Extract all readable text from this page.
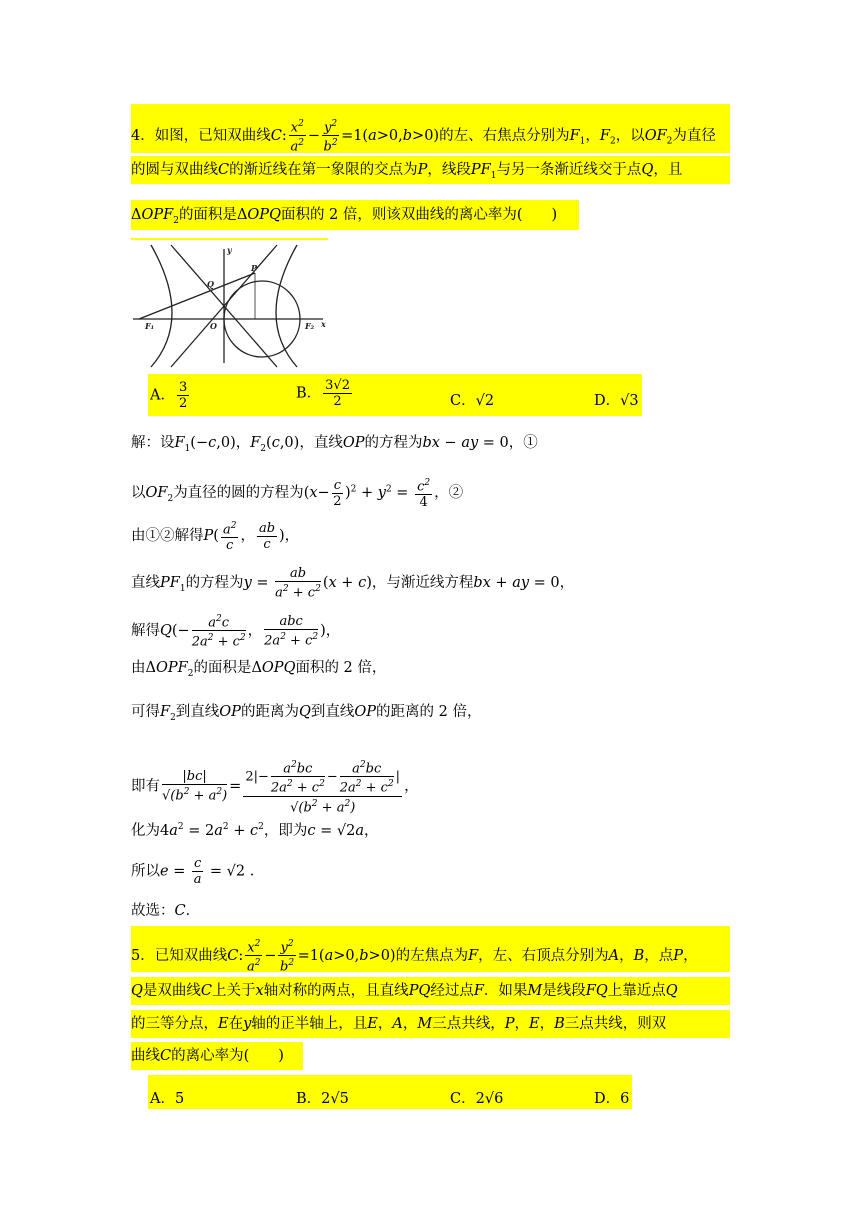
4．如图，已知双曲线C: $\frac{x^2}{a^2} - \frac{y^2}{b^2} =1(a>0,b>0)$的左、右焦点分别为$F_1$，$F_2$，以$OF_2$为直径
的圆与双曲线C的渐近线在第一象限的交点为P，线段$PF_1$与另一条渐近线交于点Q，且
$\Delta OPF_2$的面积是ΔOPQ面积的 2 倍，则该双曲线的离心率为(　　)
y
x
P
Q
O
F₁	F₂
A． $\frac{3}{2}$	B． $\frac{3√2}{2}$	C．√2	D．√3
解：设$F_1(-c,0)$，$F_2(c,0)$，直线OP的方程为bx − ay = 0，①
以$OF_2$为直径的圆的方程为$(x- \frac{c}{2} )^2 + y^2 = \frac{c^2}{4}$ ，②
由①②解得$P( \frac{a^2}{c}$ ， $\frac{ab}{c}$ )，
直线$PF_1$的方程为$y = \frac{ab}{a^2 + c^2} (x + c)$，与渐近线方程bx + ay = 0，
解得$Q(- \frac{a^2c}{2a^2 + c^2}$ ， $\frac{\text{abc}}{2a^2 + c^2}$ )，
由$\Delta OPF_2$的面积是ΔOPQ面积的 2 倍，
可得$F_2$到直线OP的距离为Q到直线OP的距离的 2 倍，
即有 $\frac{|bc|}{√(b^2 + a^2)} = \frac{2|- \frac{a^2bc}{2a^2 + c^2} - \frac{a^2bc}{2a^2 + c^2} |}{√(b^2 + a^2)}$ ，
化为$4a^2 = 2a^2 + c^2$，即为c = √2a，
所以$e = \frac{c}{a} = √2$ .
故选：C．
5．已知双曲线C: $\frac{x^2}{a^2} - \frac{y^2}{b^2} =1(a>0,b>0)$的左焦点为F，左、右顶点分别为A，B，点P，
Q是双曲线C上关于x轴对称的两点，且直线PQ经过点F．如果M是线段FQ上靠近点Q
的三等分点，E在y轴的正半轴上，且E，A，M三点共线，P，E，B三点共线，则双
曲线C的离心率为(　　)
A．5	B．2√5	C．2√6	D．6
